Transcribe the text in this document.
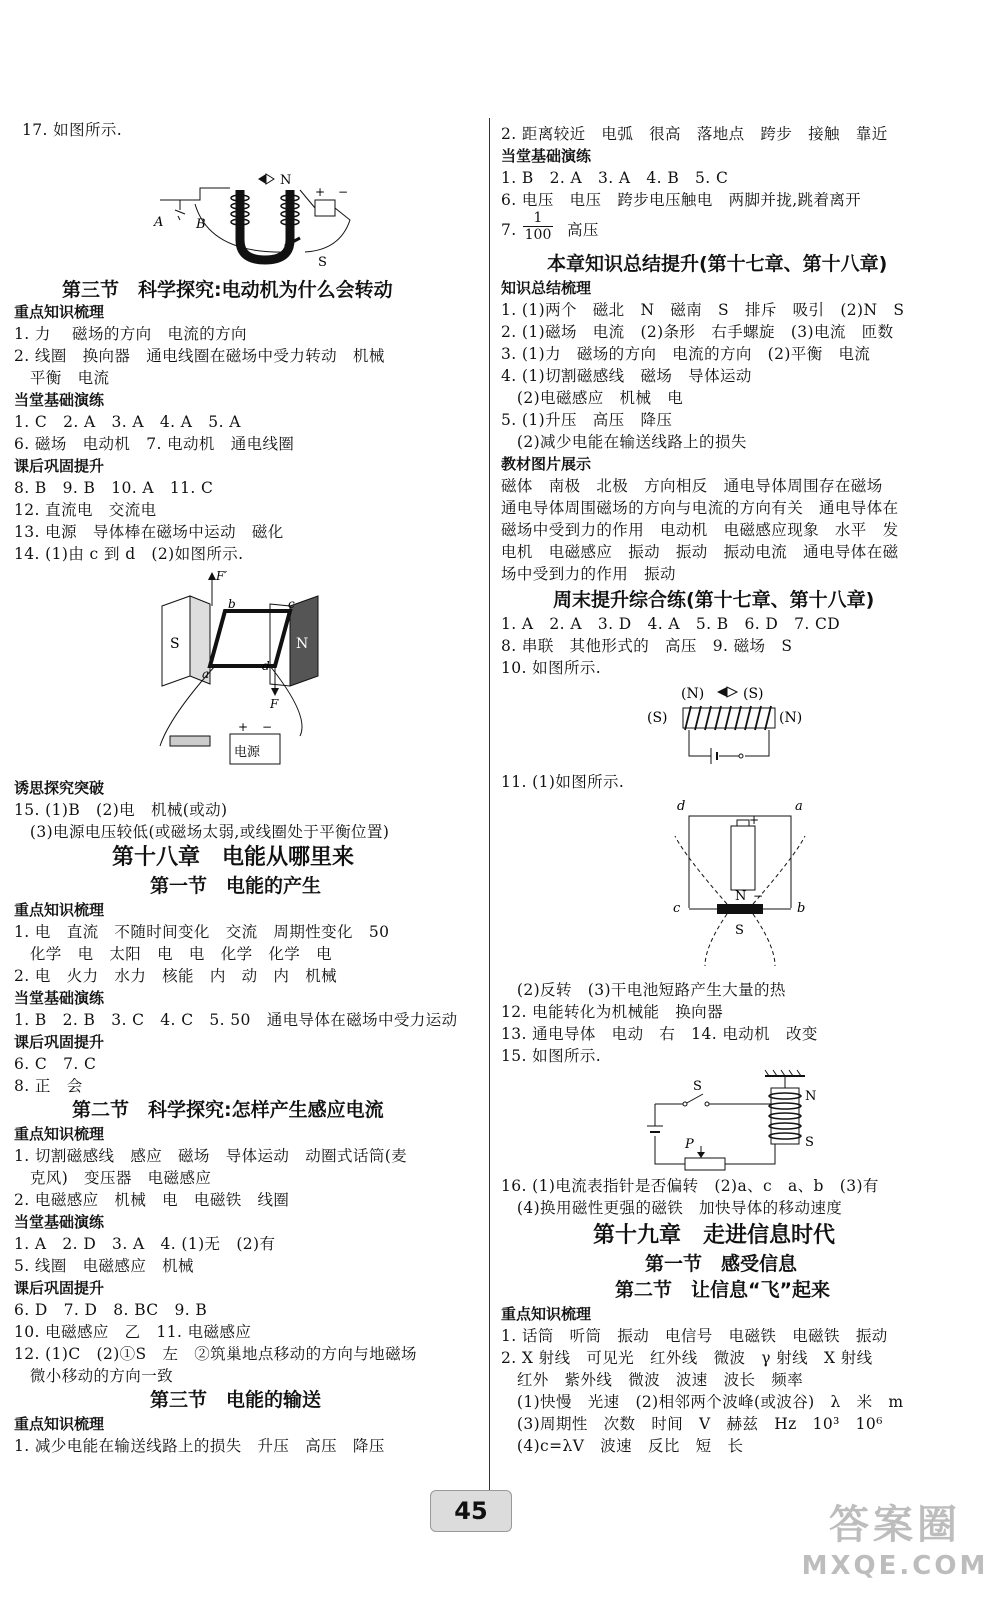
17. 如图所示.
N
A	B
+ −
S
第三节　科学探究:电动机为什么会转动
重点知识梳理
1. 力　 磁场的方向　电流的方向
2. 线圈　换向器　通电线圈在磁场中受力转动　机械
　平衡　电流
当堂基础演练
1. C　2. A　3. A　4. A　5. A
6. 磁场　电动机　7. 电动机　通电线圈
课后巩固提升
8. B　9. B　10. A　11. C
12. 直流电　交流电
13. 电源　导体棒在磁场中运动　磁化
14. (1)由 c 到 d　(2)如图所示.
S	N
F′
F
b	c
a
d
电源
+ −
诱思探究突破
15. (1)B　(2)电　机械(或动)
　(3)电源电压较低(或磁场太弱,或线圈处于平衡位置)
第十八章　电能从哪里来
第一节　电能的产生
重点知识梳理
1. 电　直流　不随时间变化　交流　周期性变化　50
　化学　电　太阳　电　电　化学　化学　电
2. 电　火力　水力　核能　内　动　内　机械
当堂基础演练
1. B　2. B　3. C　4. C　5. 50　通电导体在磁场中受力运动
课后巩固提升
6. C　7. C
8. 正　会
第二节　科学探究:怎样产生感应电流
重点知识梳理
1. 切割磁感线　感应　磁场　导体运动　动圈式话筒(麦
　克风)　变压器　电磁感应
2. 电磁感应　机械　电　电磁铁　线圈
当堂基础演练
1. A　2. D　3. A　4. (1)无　(2)有
5. 线圈　电磁感应　机械
课后巩固提升
6. D　7. D　8. BC　9. B
10. 电磁感应　乙　11. 电磁感应
12. (1)C　(2)①S　左　②筑巢地点移动的方向与地磁场
　微小移动的方向一致
第三节　电能的输送
重点知识梳理
1. 减少电能在输送线路上的损失　升压　高压　降压
2. 距离较近　电弧　很高　落地点　跨步　接触　靠近
当堂基础演练
1. B　2. A　3. A　4. B　5. C
6. 电压　电压　跨步电压触电　两脚并拢,跳着离开
7. $\frac{1}{100}$ 高压
本章知识总结提升(第十七章、第十八章)
知识总结梳理
1. (1)两个　磁北　N　磁南　S　排斥　吸引　(2)N　S
2. (1)磁场　电流　(2)条形　右手螺旋　(3)电流　匝数
3. (1)力　磁场的方向　电流的方向　(2)平衡　电流
4. (1)切割磁感线　磁场　导体运动
　(2)电磁感应　机械　电
5. (1)升压　高压　降压
　(2)减少电能在输送线路上的损失
教材图片展示
磁体　南极　北极　方向相反　通电导体周围存在磁场
通电导体周围磁场的方向与电流的方向有关　通电导体在
磁场中受到力的作用　电动机　电磁感应现象　水平　发
电机　电磁感应　振动　振动　振动电流　通电导体在磁
场中受到力的作用　振动
周末提升综合练(第十七章、第十八章)
1. A　2. A　3. D　4. A　5. B　6. D　7. CD
8. 串联　其他形式的　高压　9. 磁场　S
10. 如图所示.
(N)	(S)
(S)	(N)
11. (1)如图所示.
d	a
c	b
+
−
N
S
　(2)反转　(3)干电池短路产生大量的热
12. 电能转化为机械能　换向器
13. 通电导体　电动　右　14. 电动机　改变
15. 如图所示.
N
S
S
P
16. (1)电流表指针是否偏转　(2)a、c　a、b　(3)有
　(4)换用磁性更强的磁铁　加快导体的移动速度
第十九章　走进信息时代
第一节　感受信息
第二节　让信息“飞”起来
重点知识梳理
1. 话筒　听筒　振动　电信号　电磁铁　电磁铁　振动
2. X 射线　可见光　红外线　微波　γ 射线　X 射线
　红外　紫外线　微波　波速　波长　频率
　(1)快慢　光速　(2)相邻两个波峰(或波谷)　λ　米　m
　(3)周期性　次数　时间　V　赫兹　Hz　10³　10⁶
　(4)c=λV　波速　反比　短　长
45	答案圈
MXQE.COM
